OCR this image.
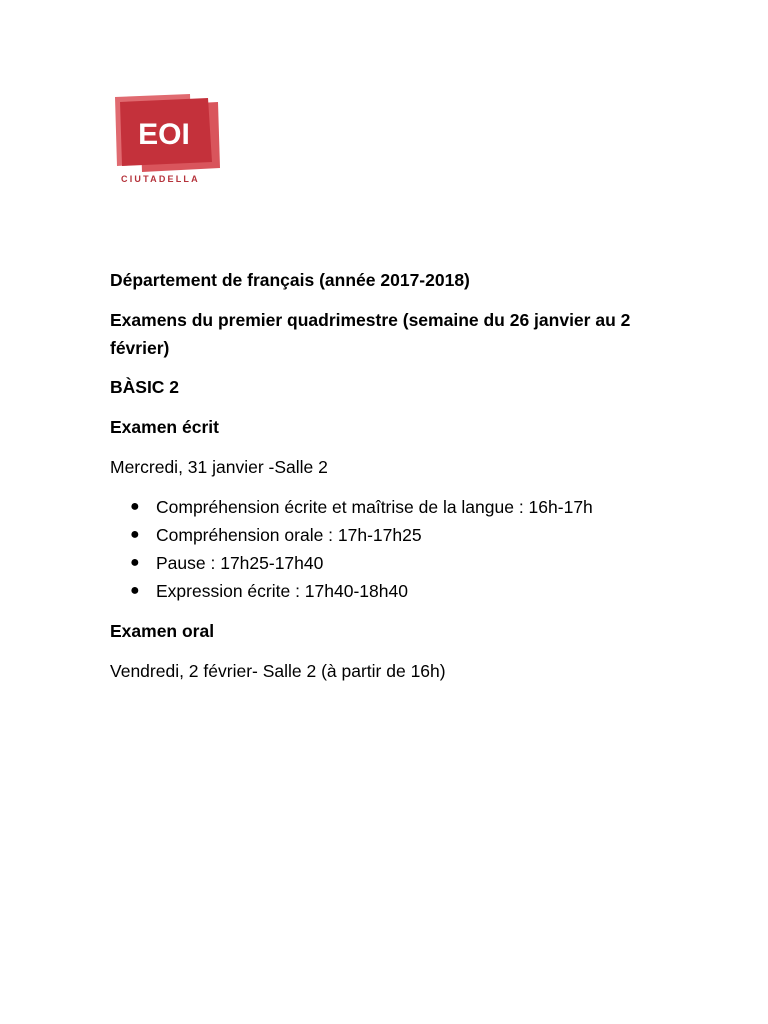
EOI
CIUTADELLA

Département de français (année 2017-2018)

Examens du premier quadrimestre (semaine du 26 janvier au 2 février)

BÀSIC 2

Examen écrit

Mercredi, 31 janvier -Salle 2

● Compréhension écrite et maîtrise de la langue : 16h-17h
● Compréhension orale : 17h-17h25
● Pause : 17h25-17h40
● Expression écrite : 17h40-18h40

Examen oral

Vendredi, 2 février- Salle 2 (à partir de 16h)
